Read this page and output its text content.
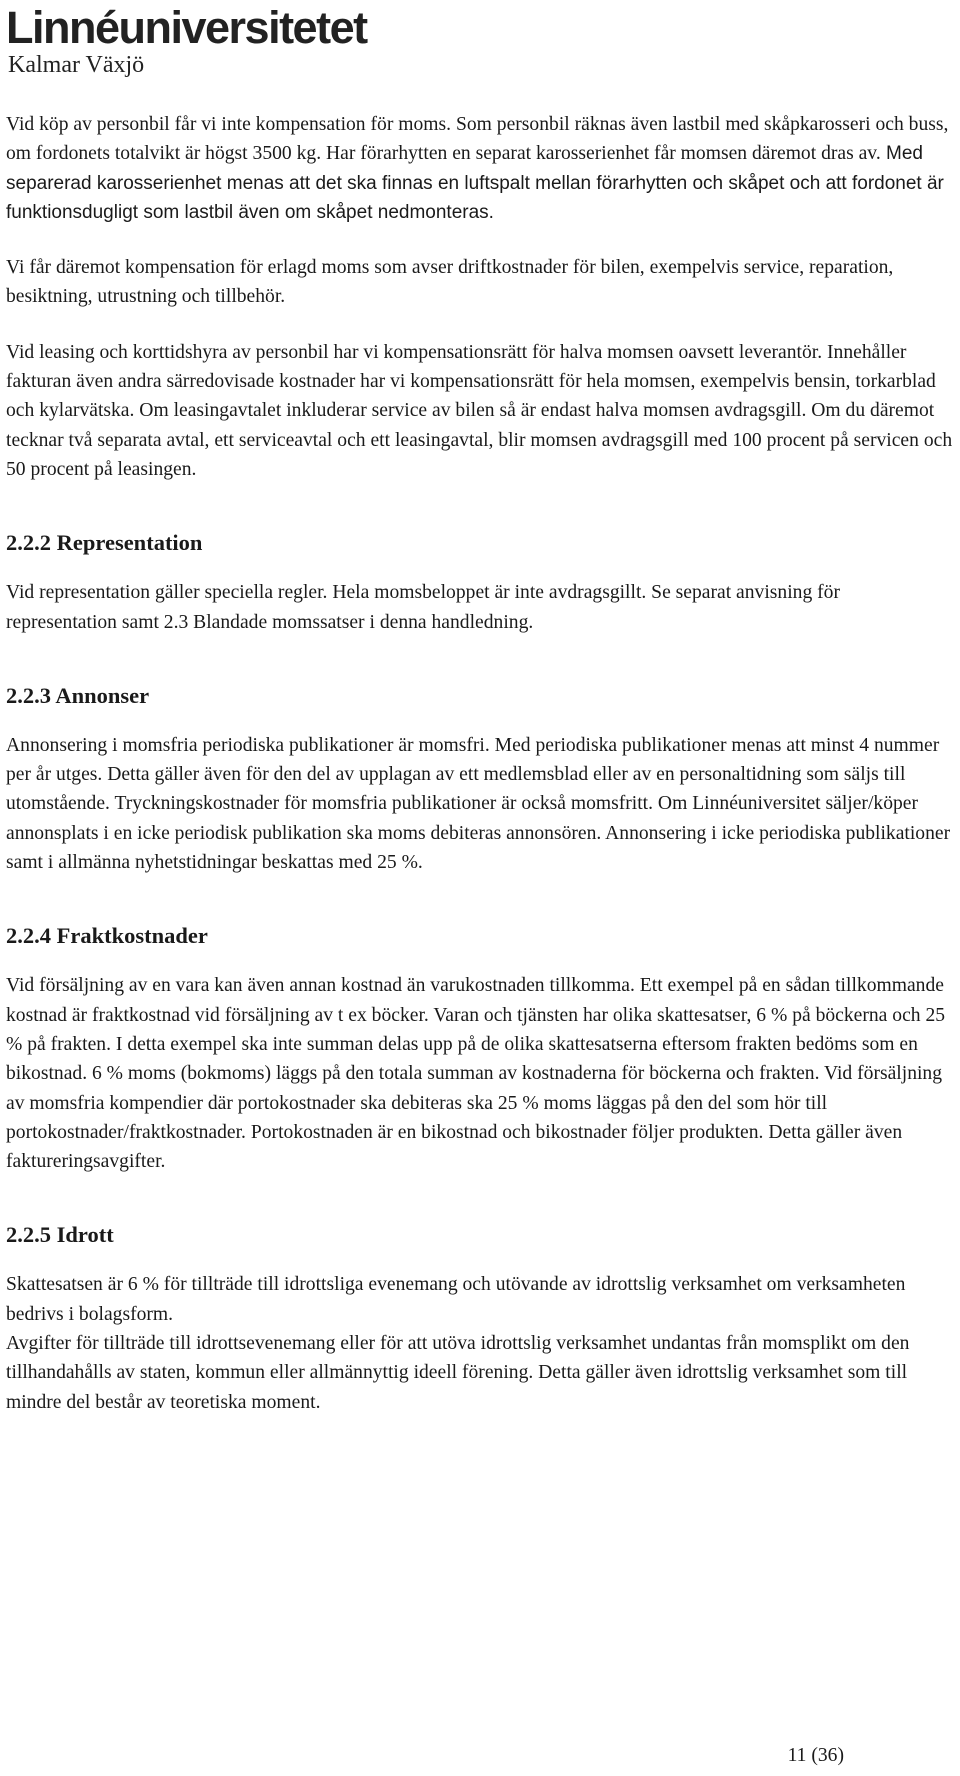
Linnéuniversitetet
Kalmar Växjö

Vid köp av personbil får vi inte kompensation för moms. Som personbil räknas även lastbil med skåpkarosseri och buss, om fordonets totalvikt är högst 3500 kg. Har förarhytten en separat karosserienhet får momsen däremot dras av. Med separerad karosserienhet menas att det ska finnas en luftspalt mellan förarhytten och skåpet och att fordonet är funktionsdugligt som lastbil även om skåpet nedmonteras.

Vi får däremot kompensation för erlagd moms som avser driftkostnader för bilen, exempelvis service, reparation, besiktning, utrustning och tillbehör.

Vid leasing och korttidshyra av personbil har vi kompensationsrätt för halva momsen oavsett leverantör. Innehåller fakturan även andra särredovisade kostnader har vi kompensationsrätt för hela momsen, exempelvis bensin, torkarblad och kylarvätska. Om leasingavtalet inkluderar service av bilen så är endast halva momsen avdragsgill. Om du däremot tecknar två separata avtal, ett serviceavtal och ett leasingavtal, blir momsen avdragsgill med 100 procent på servicen och 50 procent på leasingen.

2.2.2 Representation

Vid representation gäller speciella regler. Hela momsbeloppet är inte avdragsgillt. Se separat anvisning för representation samt 2.3 Blandade momssatser i denna handledning.

2.2.3 Annonser

Annonsering i momsfria periodiska publikationer är momsfri. Med periodiska publikationer menas att minst 4 nummer per år utges. Detta gäller även för den del av upplagan av ett medlemsblad eller av en personaltidning som säljs till utomstående. Tryckningskostnader för momsfria publikationer är också momsfritt. Om Linnéuniversitet säljer/köper annonsplats i en icke periodisk publikation ska moms debiteras annonsören. Annonsering i icke periodiska publikationer samt i allmänna nyhetstidningar beskattas med 25 %.

2.2.4 Fraktkostnader

Vid försäljning av en vara kan även annan kostnad än varukostnaden tillkomma. Ett exempel på en sådan tillkommande kostnad är fraktkostnad vid försäljning av t ex böcker. Varan och tjänsten har olika skattesatser, 6 % på böckerna och 25 % på frakten. I detta exempel ska inte summan delas upp på de olika skattesatserna eftersom frakten bedöms som en bikostnad. 6 % moms (bokmoms) läggs på den totala summan av kostnaderna för böckerna och frakten. Vid försäljning av momsfria kompendier där portokostnader ska debiteras ska 25 % moms läggas på den del som hör till portokostnader/fraktkostnader. Portokostnaden är en bikostnad och bikostnader följer produkten. Detta gäller även faktureringsavgifter.

2.2.5 Idrott

Skattesatsen är 6 % för tillträde till idrottsliga evenemang och utövande av idrottslig verksamhet om verksamheten bedrivs i bolagsform.

Avgifter för tillträde till idrottsevenemang eller för att utöva idrottslig verksamhet undantas från momsplikt om den tillhandahålls av staten, kommun eller allmännyttig ideell förening. Detta gäller även idrottslig verksamhet som till mindre del består av teoretiska moment.

11 (36)
